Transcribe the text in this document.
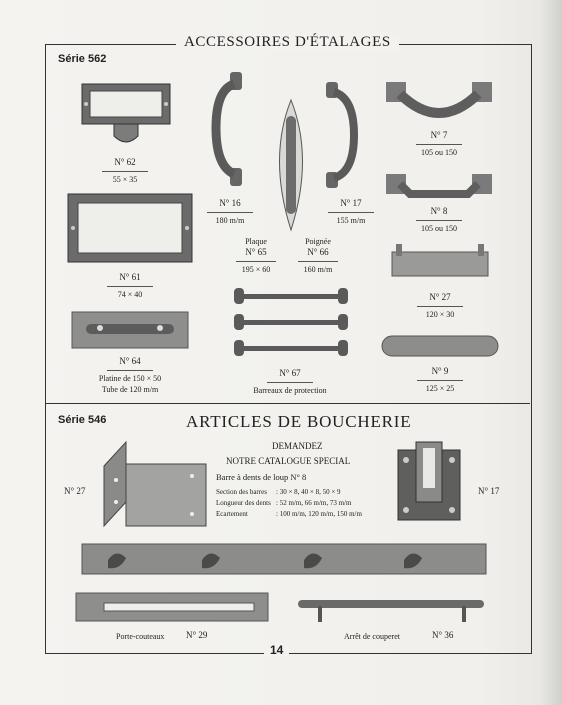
ACCESSOIRES D'ÉTALAGES
Série 562
N° 62
55 × 35
N° 16
180 m/m
Plaque
N° 65
195 × 60
Poignée
N° 66
160 m/m
N° 17
155 m/m
N° 7
105 ou 150
N° 8
105 ou 150
N° 61
74 × 40	N° 27
120 × 30
N° 64
Platine de 150 × 50
Tube de 120 m/m
N° 67
Barreaux de protection
N° 9
125 × 25
Série 546	ARTICLES DE BOUCHERIE
N° 27
DEMANDEZ
NOTRE CATALOGUE SPECIAL
Barre à dents de loup N° 8
Section des barres : 30 × 8, 40 × 8, 50 × 9
Longueur des dents : 52 m/m, 66 m/m, 73 m/m
Ecartement	: 100 m/m, 120 m/m, 150 m/m
N° 17
Porte-couteaux N° 29	Arrêt de couperet	N° 36
14
